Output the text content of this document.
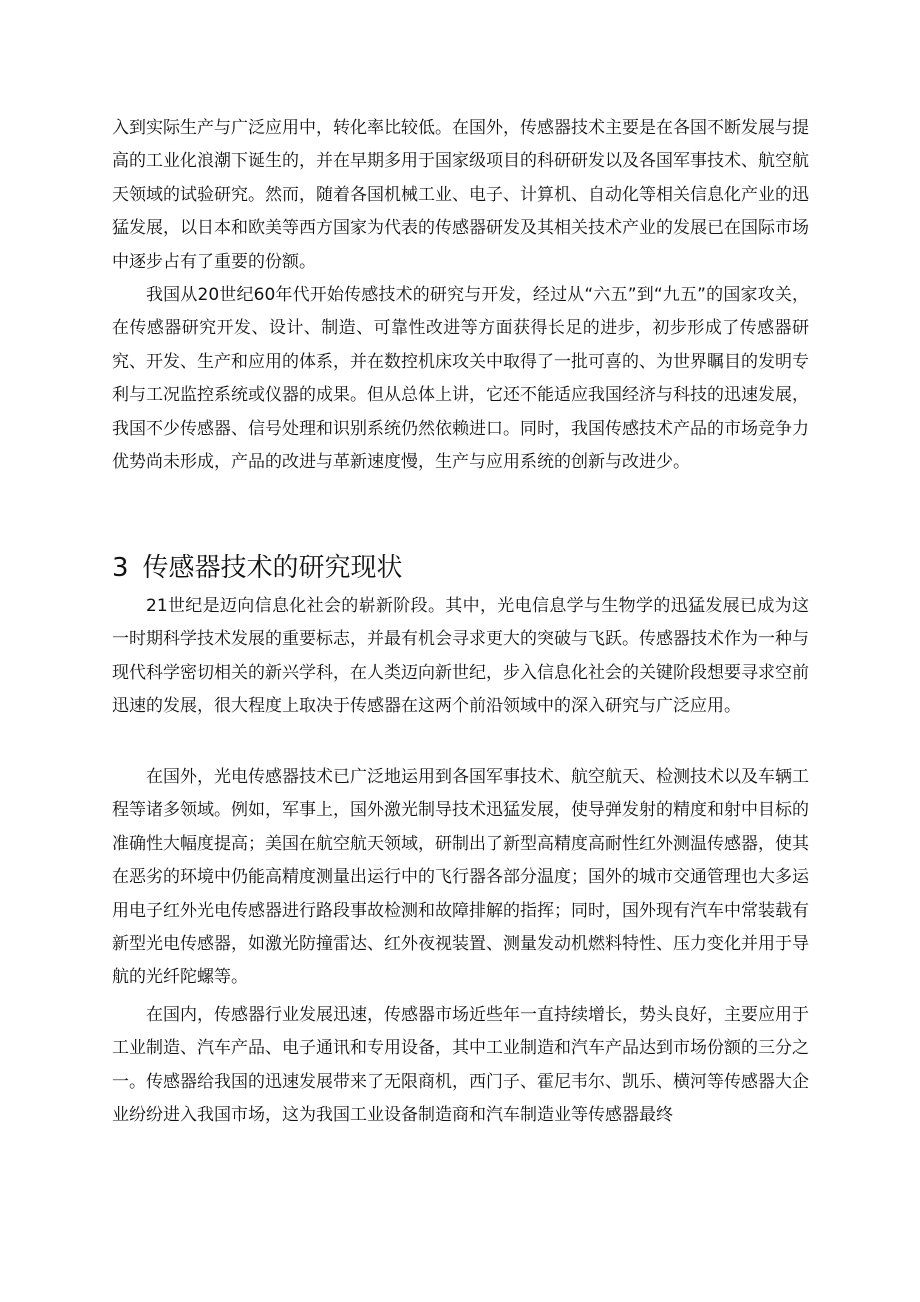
入到实际生产与广泛应用中，转化率比较低。在国外，传感器技术主要是在各国不断发展与提高的工业化浪潮下诞生的，并在早期多用于国家级项目的科研研发以及各国军事技术、航空航天领域的试验研究。然而，随着各国机械工业、电子、计算机、自动化等相关信息化产业的迅猛发展，以日本和欧美等西方国家为代表的传感器研发及其相关技术产业的发展已在国际市场中逐步占有了重要的份额。

我国从20世纪60年代开始传感技术的研究与开发，经过从“六五”到“九五”的国家攻关，在传感器研究开发、设计、制造、可靠性改进等方面获得长足的进步，初步形成了传感器研究、开发、生产和应用的体系，并在数控机床攻关中取得了一批可喜的、为世界瞩目的发明专利与工况监控系统或仪器的成果。但从总体上讲，它还不能适应我国经济与科技的迅速发展，我国不少传感器、信号处理和识别系统仍然依赖进口。同时，我国传感技术产品的市场竞争力优势尚未形成，产品的改进与革新速度慢，生产与应用系统的创新与改进少。

3 传感器技术的研究现状

21世纪是迈向信息化社会的崭新阶段。其中，光电信息学与生物学的迅猛发展已成为这一时期科学技术发展的重要标志，并最有机会寻求更大的突破与飞跃。传感器技术作为一种与现代科学密切相关的新兴学科，在人类迈向新世纪，步入信息化社会的关键阶段想要寻求空前迅速的发展，很大程度上取决于传感器在这两个前沿领域中的深入研究与广泛应用。

在国外，光电传感器技术已广泛地运用到各国军事技术、航空航天、检测技术以及车辆工程等诸多领域。例如，军事上，国外激光制导技术迅猛发展，使导弹发射的精度和射中目标的准确性大幅度提高；美国在航空航天领域，研制出了新型高精度高耐性红外测温传感器，使其在恶劣的环境中仍能高精度测量出运行中的飞行器各部分温度；国外的城市交通管理也大多运用电子红外光电传感器进行路段事故检测和故障排解的指挥；同时，国外现有汽车中常装载有新型光电传感器，如激光防撞雷达、红外夜视装置、测量发动机燃料特性、压力变化并用于导航的光纤陀螺等。

在国内，传感器行业发展迅速，传感器市场近些年一直持续增长，势头良好，主要应用于工业制造、汽车产品、电子通讯和专用设备，其中工业制造和汽车产品达到市场份额的三分之一。传感器给我国的迅速发展带来了无限商机，西门子、霍尼韦尔、凯乐、横河等传感器大企业纷纷进入我国市场，这为我国工业设备制造商和汽车制造业等传感器最终
